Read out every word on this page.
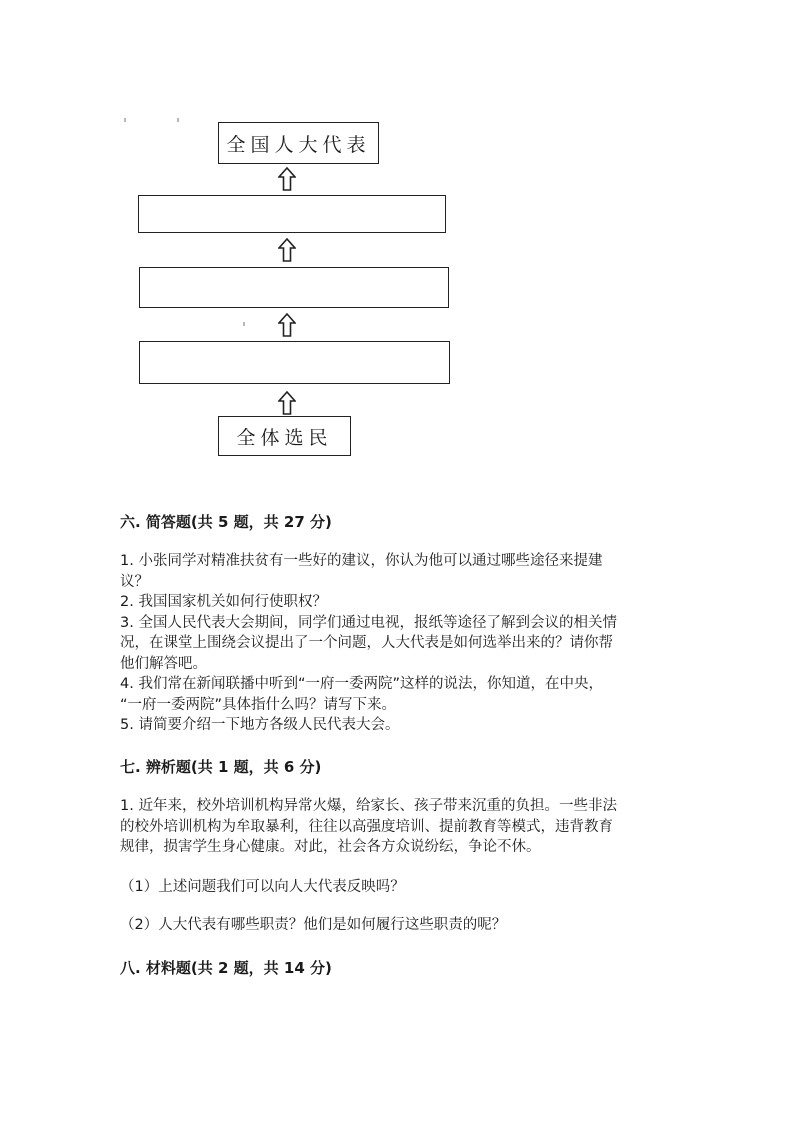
全国人大代表
全体选民
六. 简答题(共 5 题，共 27 分)
1. 小张同学对精准扶贫有一些好的建议，你认为他可以通过哪些途径来提建
议？
2. 我国国家机关如何行使职权？
3. 全国人民代表大会期间，同学们通过电视，报纸等途径了解到会议的相关情
况，在课堂上围绕会议提出了一个问题，人大代表是如何选举出来的？请你帮
他们解答吧。
4. 我们常在新闻联播中听到“一府一委两院”这样的说法，你知道，在中央，
“一府一委两院”具体指什么吗？请写下来。
5. 请简要介绍一下地方各级人民代表大会。
七. 辨析题(共 1 题，共 6 分)
1. 近年来，校外培训机构异常火爆，给家长、孩子带来沉重的负担。一些非法
的校外培训机构为牟取暴利，往往以高强度培训、提前教育等模式，违背教育
规律，损害学生身心健康。对此，社会各方众说纷纭，争论不休。
（1）上述问题我们可以向人大代表反映吗？
（2）人大代表有哪些职责？他们是如何履行这些职责的呢？
八. 材料题(共 2 题，共 14 分)
